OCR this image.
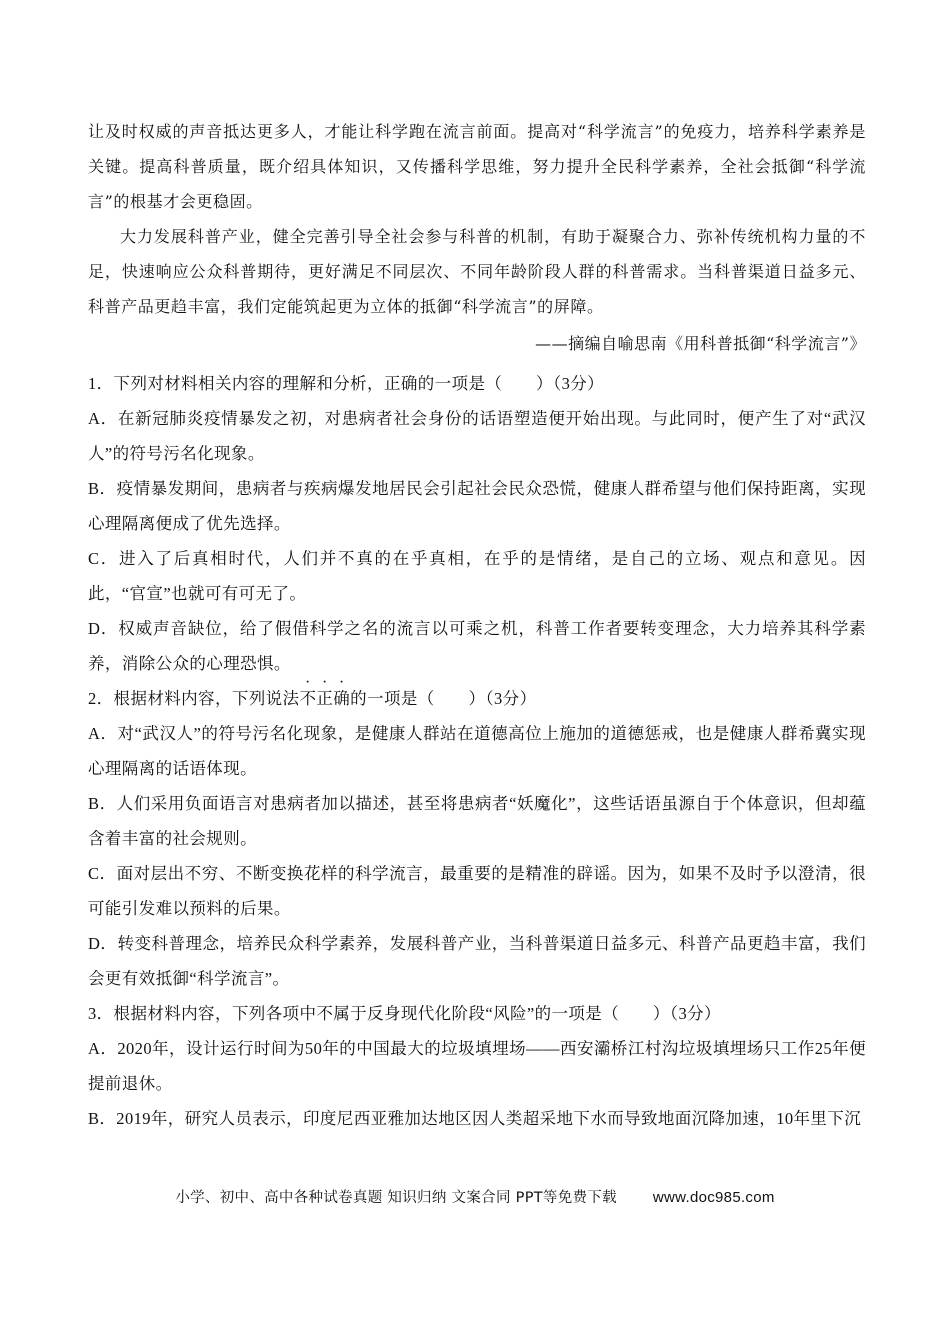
让及时权威的声音抵达更多人，才能让科学跑在流言前面。提高对“科学流言”的免疫力，培养科学素养是关键。提高科普质量，既介绍具体知识，又传播科学思维，努力提升全民科学素养，全社会抵御“科学流言”的根基才会更稳固。

大力发展科普产业，健全完善引导全社会参与科普的机制，有助于凝聚合力、弥补传统机构力量的不足，快速响应公众科普期待，更好满足不同层次、不同年龄阶段人群的科普需求。当科普渠道日益多元、科普产品更趋丰富，我们定能筑起更为立体的抵御“科学流言”的屏障。

——摘编自喻思南《用科普抵御“科学流言”》

1．下列对材料相关内容的理解和分析，正确的一项是（　　）（3分）

A．在新冠肺炎疫情暴发之初，对患病者社会身份的话语塑造便开始出现。与此同时，便产生了对“武汉人”的符号污名化现象。

B．疫情暴发期间，患病者与疾病爆发地居民会引起社会民众恐慌，健康人群希望与他们保持距离，实现心理隔离便成了优先选择。

C．进入了后真相时代，人们并不真的在乎真相，在乎的是情绪，是自己的立场、观点和意见。因此，“官宣”也就可有可无了。

D．权威声音缺位，给了假借科学之名的流言以可乘之机，科普工作者要转变理念，大力培养其科学素养，消除公众的心理恐惧。

2．根据材料内容，下列说法不正确的一项是（　　）（3分）

A．对“武汉人”的符号污名化现象，是健康人群站在道德高位上施加的道德惩戒，也是健康人群希冀实现心理隔离的话语体现。

B．人们采用负面语言对患病者加以描述，甚至将患病者“妖魔化”，这些话语虽源自于个体意识，但却蕴含着丰富的社会规则。

C．面对层出不穷、不断变换花样的科学流言，最重要的是精准的辟谣。因为，如果不及时予以澄清，很可能引发难以预料的后果。

D．转变科普理念，培养民众科学素养，发展科普产业，当科普渠道日益多元、科普产品更趋丰富，我们会更有效抵御“科学流言”。

3．根据材料内容，下列各项中不属于反身现代化阶段“风险”的一项是（　　）（3分）

A．2020年，设计运行时间为50年的中国最大的垃圾填埋场——西安灞桥江村沟垃圾填埋场只工作25年便提前退休。

B．2019年，研究人员表示，印度尼西亚雅加达地区因人类超采地下水而导致地面沉降加速，10年里下沉

小学、初中、高中各种试卷真题 知识归纳 文案合同 PPT等免费下载 www.doc985.com
